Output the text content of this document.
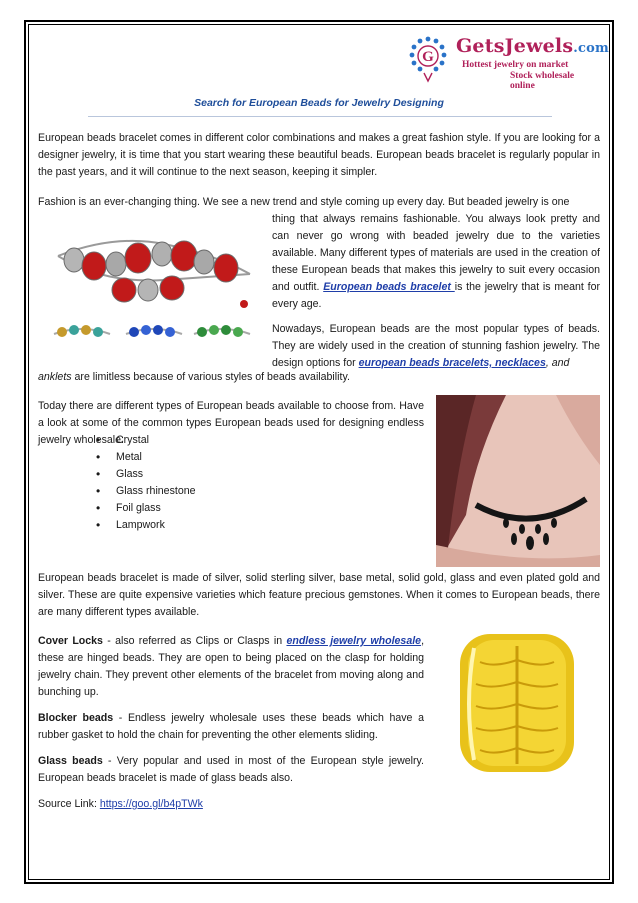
G GetsJewels.com
Hottest jewelry on market
Stock wholesale online
Search for European Beads for Jewelry Designing

European beads bracelet comes in different color combinations and makes a great fashion style. If you are looking for a designer jewelry, it is time that you start wearing these beautiful beads. European beads bracelet is regularly popular in the past years, and it will continue to the next season, keeping it simpler.

Fashion is an ever-changing thing. We see a new trend and style coming up every day. But beaded jewelry is one

thing that always remains fashionable. You always look pretty and can never go wrong with beaded jewelry due to the varieties available. Many different types of materials are used in the creation of these European beads that makes this jewelry to suit every occasion and outfit. European beads bracelet is the jewelry that is meant for every age.

Nowadays, European beads are the most popular types of beads. They are widely used in the creation of stunning fashion jewelry. The design options for european beads bracelets, necklaces, and

anklets are limitless because of various styles of beads availability.

Today there are different types of European beads available to choose from. Have a look at some of the common types European beads used for designing endless jewelry wholesale:

• Crystal
• Metal
• Glass
• Glass rhinestone
• Foil glass
• Lampwork

European beads bracelet is made of silver, solid sterling silver, base metal, solid gold, glass and even plated gold and silver. These are quite expensive varieties which feature precious gemstones. When it comes to European beads, there are many different types available.

Cover Locks - also referred as Clips or Clasps in endless jewelry wholesale, these are hinged beads. They are open to being placed on the clasp for holding jewelry chain. They prevent other elements of the bracelet from moving along and bunching up.

Blocker beads - Endless jewelry wholesale uses these beads which have a rubber gasket to hold the chain for preventing the other elements sliding.

Glass beads - Very popular and used in most of the European style jewelry. European beads bracelet is made of glass beads also.

Source Link: https://goo.gl/b4pTWk
